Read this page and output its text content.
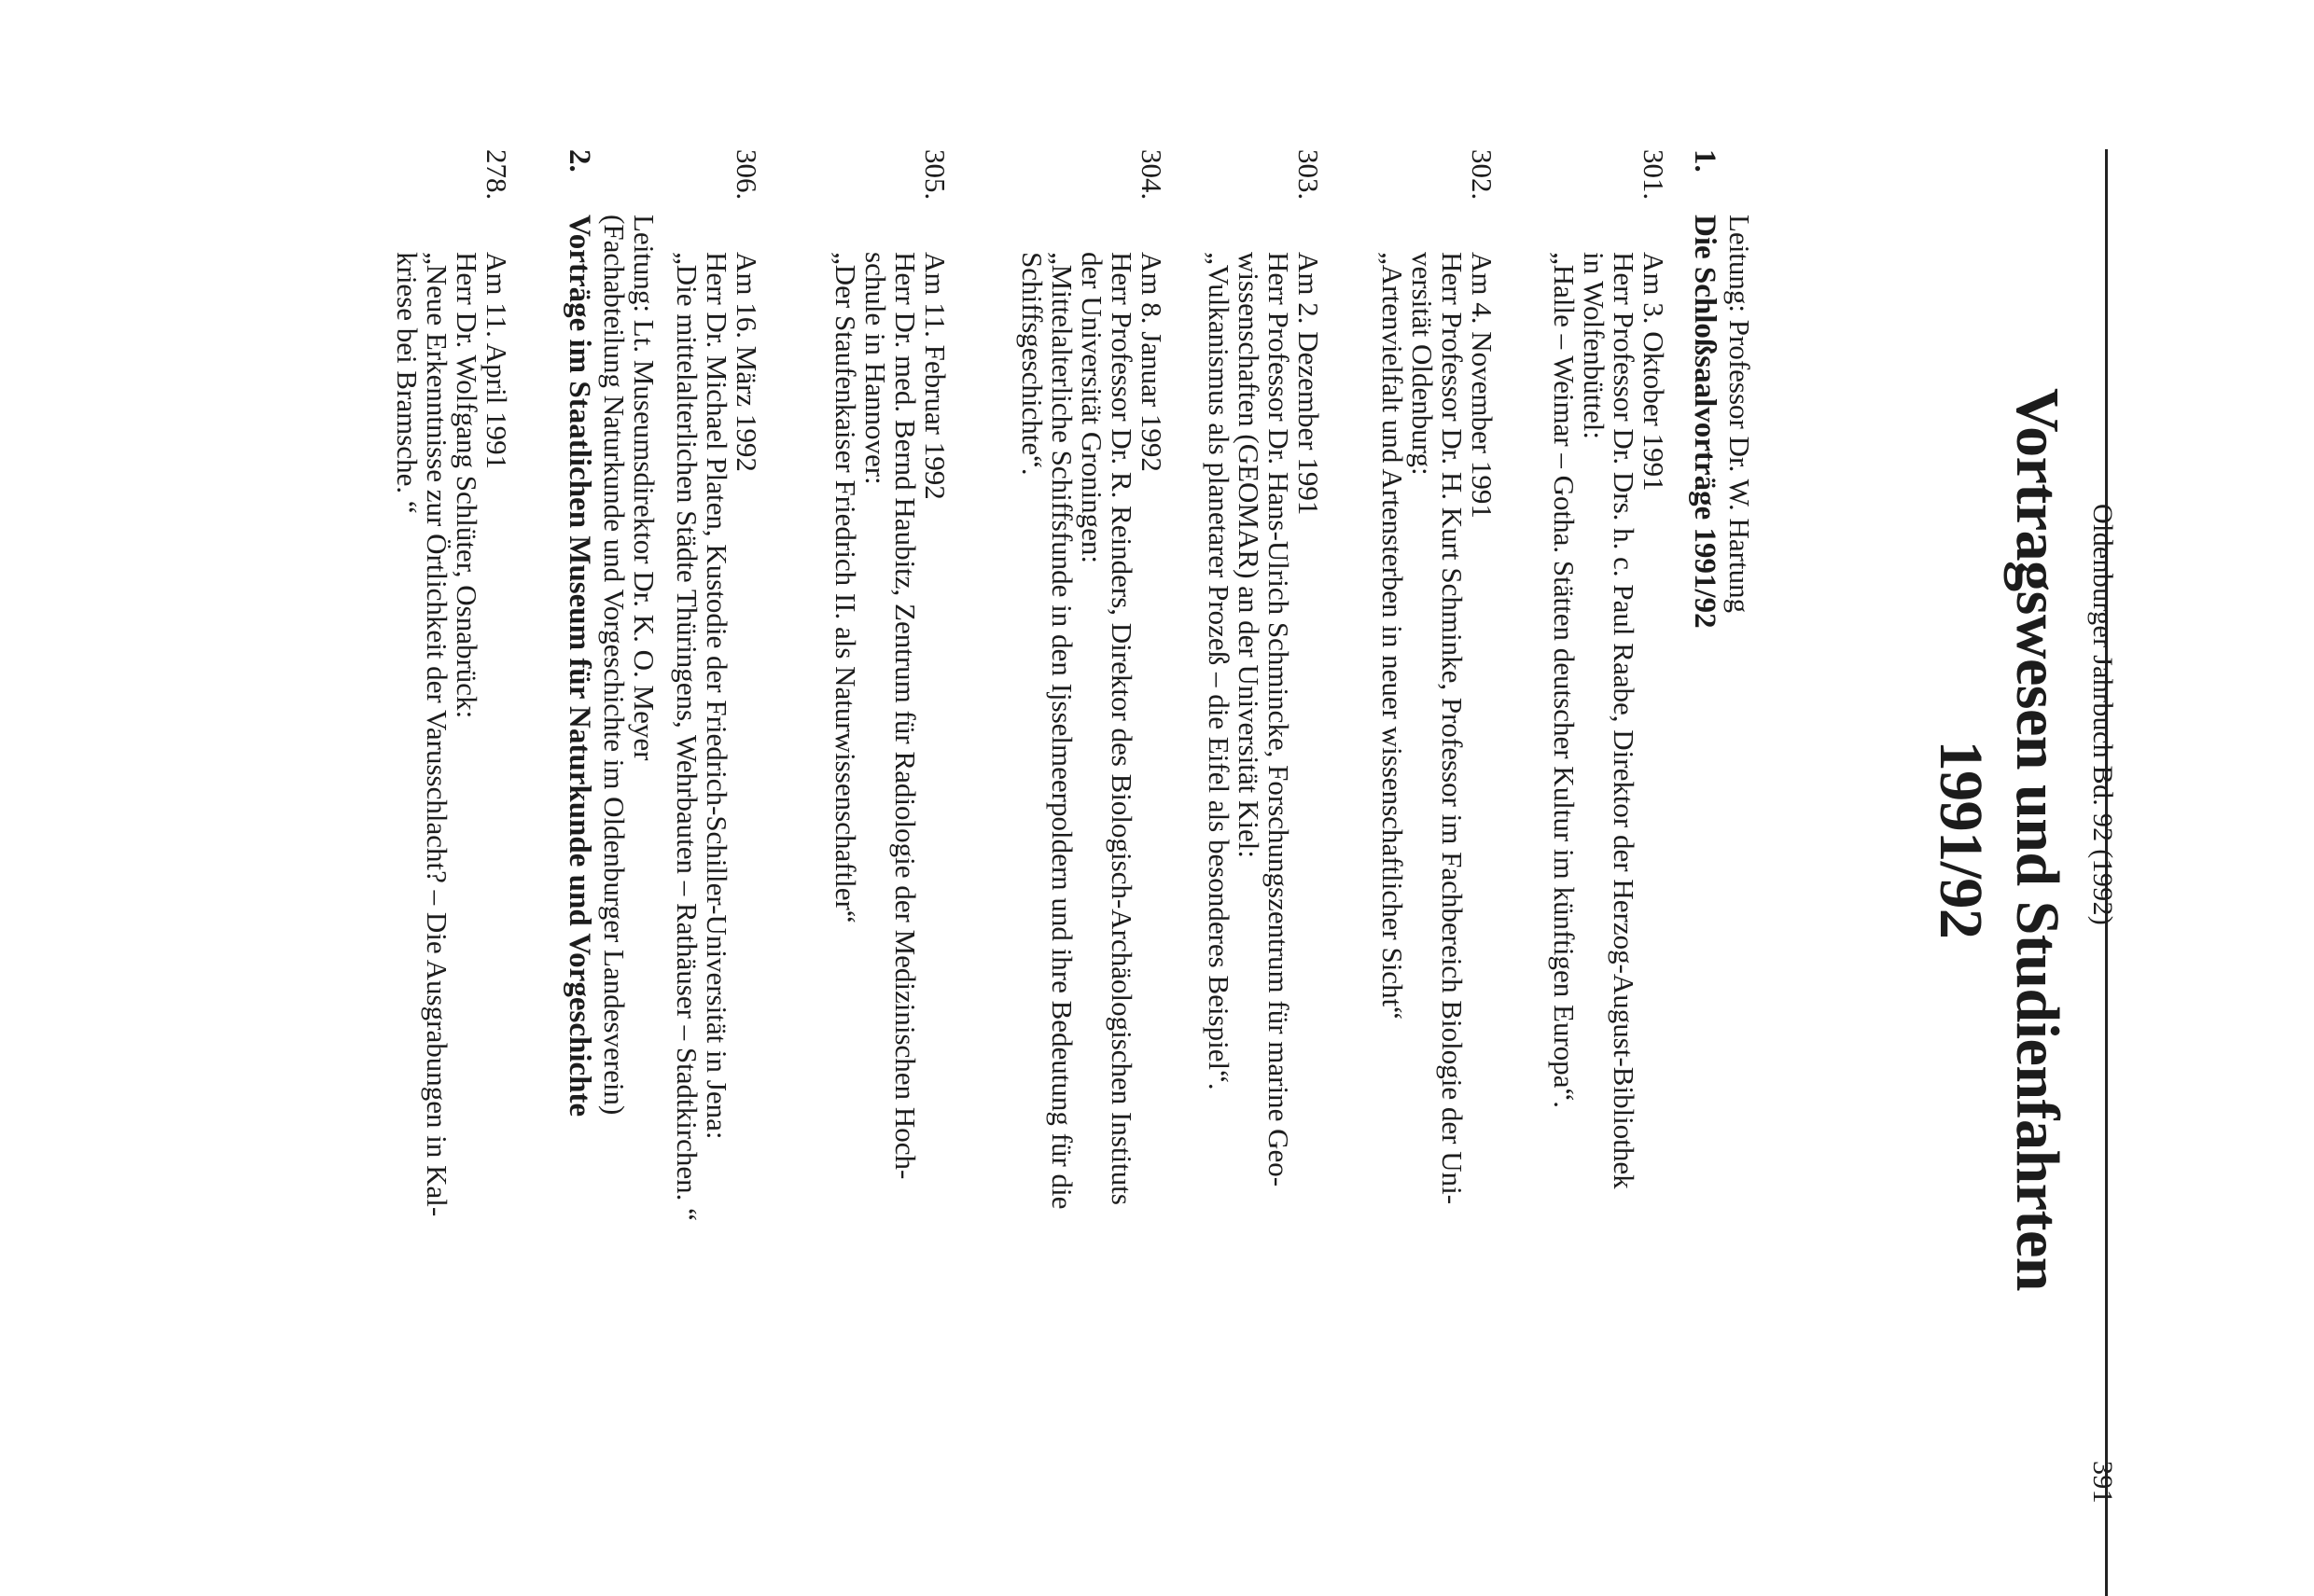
Oldenburger Jahrbuch Bd. 92 (1992)
391
Vortragswesen und Studienfahrten
1991/92
1.Die Schloßsaalvorträge 1991/92 Leitung: Professor Dr. W. Hartung
301.
Am 3. Oktober 1991
Herr Professor Dr. Drs. h. c. Paul Raabe, Direktor der Herzog-August-Bibliothek
in Wolfenbüttel:
„Halle – Weimar – Gotha. Stätten deutscher Kultur im künftigen Europa“.
302.
Am 4. November 1991
Herr Professor Dr. H. Kurt Schminke, Professor im Fachbereich Biologie der Uni-
versität Oldenburg:
„Artenvielfalt und Artensterben in neuer wissenschaftlicher Sicht“
303.
Am 2. Dezember 1991
Herr Professor Dr. Hans-Ulrich Schmincke, Forschungszentrum für marine Geo-
wissenschaften (GEOMAR) an der Universität Kiel:
„Vulkanismus als planetarer Prozeß – die Eifel als besonderes Beispiel“.
304.
Am 8. Januar 1992
Herr Professor Dr. R. Reinders, Direktor des Biologisch-Archäologischen Instituts
der Universität Groningen:
„Mittelalterliche Schiffsfunde in den Ijsselmeerpoldern und ihre Bedeutung für die
Schiffsgeschichte“.
305.
Am 11. Februar 1992
Herr Dr. med. Bernd Haubitz, Zentrum für Radiologie der Medizinischen Hoch-
schule in Hannover:
„Der Staufenkaiser Friedrich II. als Naturwissenschaftler“
306.
Am 16. März 1992
Herr Dr. Michael Platen, Kustodie der Friedrich-Schiller-Universität in Jena:
„Die mittelalterlichen Städte Thüringens, Wehrbauten – Rathäuser – Stadtkirchen. “
2.Vorträge im Staatlichen Museum für Naturkunde und Vorgeschichte (Fachabteilung Naturkunde und Vorgeschichte im Oldenburger Landesverein)
Leitung: Lt. Museumsdirektor Dr. K. O. Meyer
278.
Am 11. April 1991
Herr Dr. Wolfgang Schlüter, Osnabrück:
„Neue Erkenntnisse zur Örtlichkeit der Varusschlacht? – Die Ausgrabungen in Kal-
kriese bei Bramsche. “
